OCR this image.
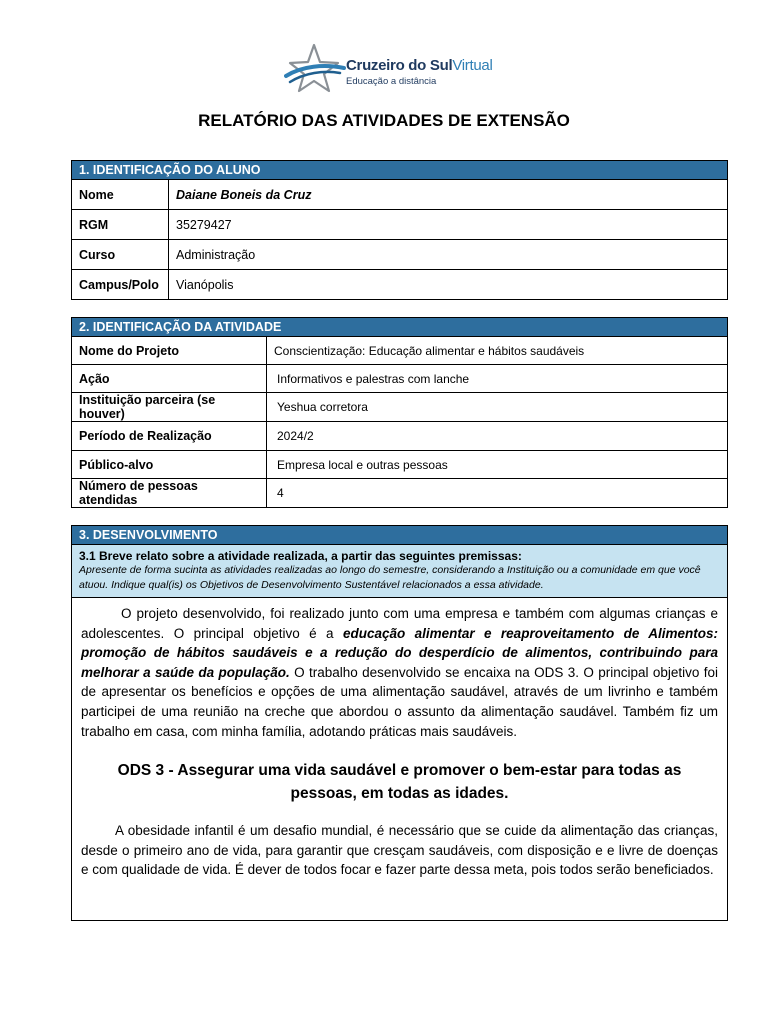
Cruzeiro do SulVirtual
Educação a distância
RELATÓRIO DAS ATIVIDADES DE EXTENSÃO
1. IDENTIFICAÇÃO DO ALUNO	
Nome	Daiane Boneis da Cruz
RGM	35279427
Curso	Administração
Campus/Polo	Vianópolis
2. IDENTIFICAÇÃO DA ATIVIDADE	
Nome do Projeto	Conscientização: Educação alimentar e hábitos saudáveis
Ação	Informativos e palestras com lanche
Instituição parceira (se houver)	Yeshua corretora
Período de Realização	2024/2
Público-alvo	Empresa local e outras pessoas
Número de pessoas atendidas	4
3. DESENVOLVIMENTO

3.1 Breve relato sobre a atividade realizada, a partir das seguintes premissas:
Apresente de forma sucinta as atividades realizadas ao longo do semestre, considerando a Instituição ou a comunidade em que você atuou. Indique qual(is) os Objetivos de Desenvolvimento Sustentável relacionados a essa atividade.

O projeto desenvolvido, foi realizado junto com uma empresa e também com algumas crianças e adolescentes. O principal objetivo é a educação alimentar e reaproveitamento de Alimentos: promoção de hábitos saudáveis e a redução do desperdício de alimentos, contribuindo para melhorar a saúde da população. O trabalho desenvolvido se encaixa na ODS 3. O principal objetivo foi de apresentar os benefícios e opções de uma alimentação saudável, através de um livrinho e também participei de uma reunião na creche que abordou o assunto da alimentação saudável. Também fiz um trabalho em casa, com minha família, adotando práticas mais saudáveis.

ODS 3 - Assegurar uma vida saudável e promover o bem-estar para todas as pessoas, em todas as idades.

A obesidade infantil é um desafio mundial, é necessário que se cuide da alimentação das crianças, desde o primeiro ano de vida, para garantir que cresçam saudáveis, com disposição e e livre de doenças e com qualidade de vida. É dever de todos focar e fazer parte dessa meta, pois todos serão beneficiados.
